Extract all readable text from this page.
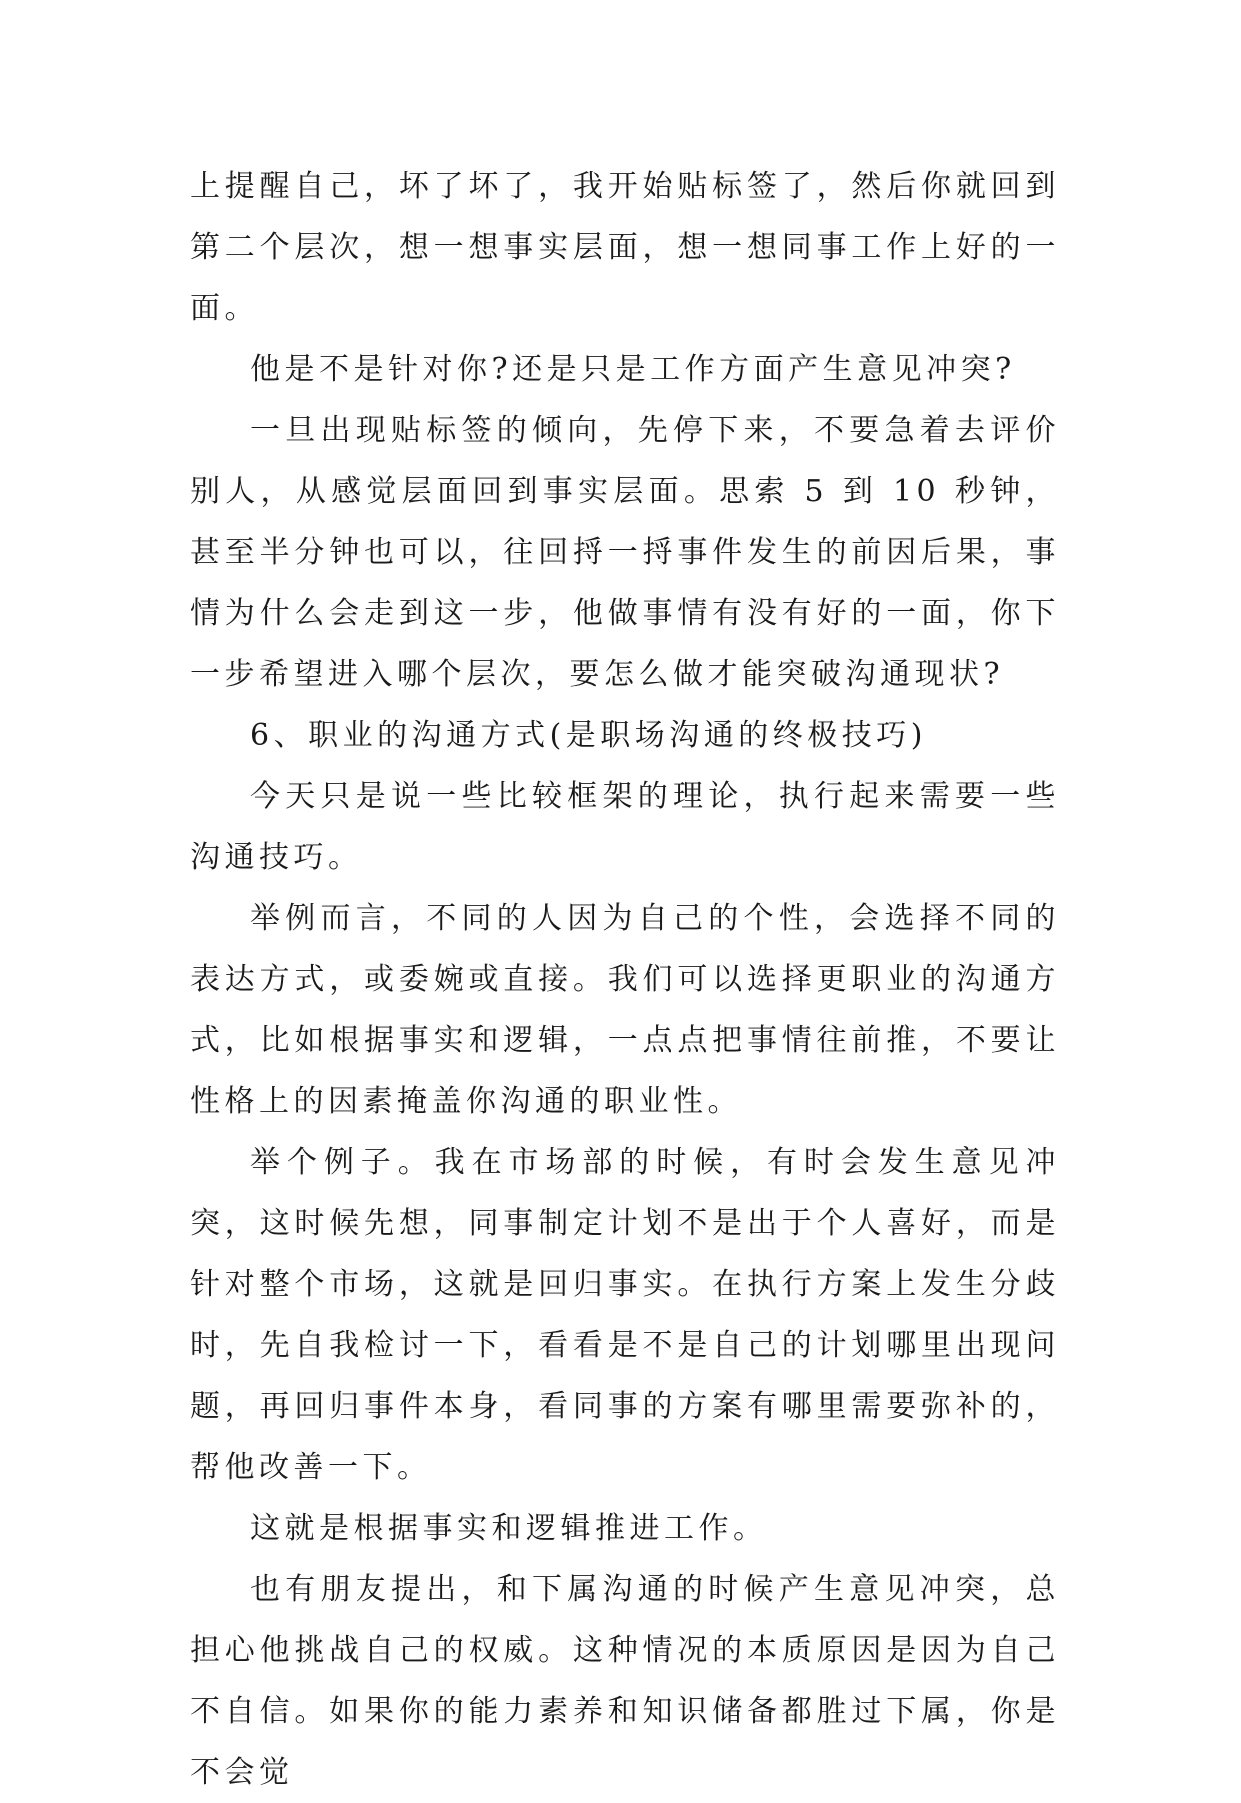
上提醒自己，坏了坏了，我开始贴标签了，然后你就回到第二个层次，想一想事实层面，想一想同事工作上好的一面。

他是不是针对你?还是只是工作方面产生意见冲突?

一旦出现贴标签的倾向，先停下来，不要急着去评价别人，从感觉层面回到事实层面。思索 5 到 10 秒钟，甚至半分钟也可以，往回捋一捋事件发生的前因后果，事情为什么会走到这一步，他做事情有没有好的一面，你下一步希望进入哪个层次，要怎么做才能突破沟通现状?

6、职业的沟通方式(是职场沟通的终极技巧)

今天只是说一些比较框架的理论，执行起来需要一些沟通技巧。

举例而言，不同的人因为自己的个性，会选择不同的表达方式，或委婉或直接。我们可以选择更职业的沟通方式，比如根据事实和逻辑，一点点把事情往前推，不要让性格上的因素掩盖你沟通的职业性。

举个例子。我在市场部的时候，有时会发生意见冲突，这时候先想，同事制定计划不是出于个人喜好，而是针对整个市场，这就是回归事实。在执行方案上发生分歧时，先自我检讨一下，看看是不是自己的计划哪里出现问题，再回归事件本身，看同事的方案有哪里需要弥补的，帮他改善一下。

这就是根据事实和逻辑推进工作。

也有朋友提出，和下属沟通的时候产生意见冲突，总担心他挑战自己的权威。这种情况的本质原因是因为自己不自信。如果你的能力素养和知识储备都胜过下属，你是不会觉
